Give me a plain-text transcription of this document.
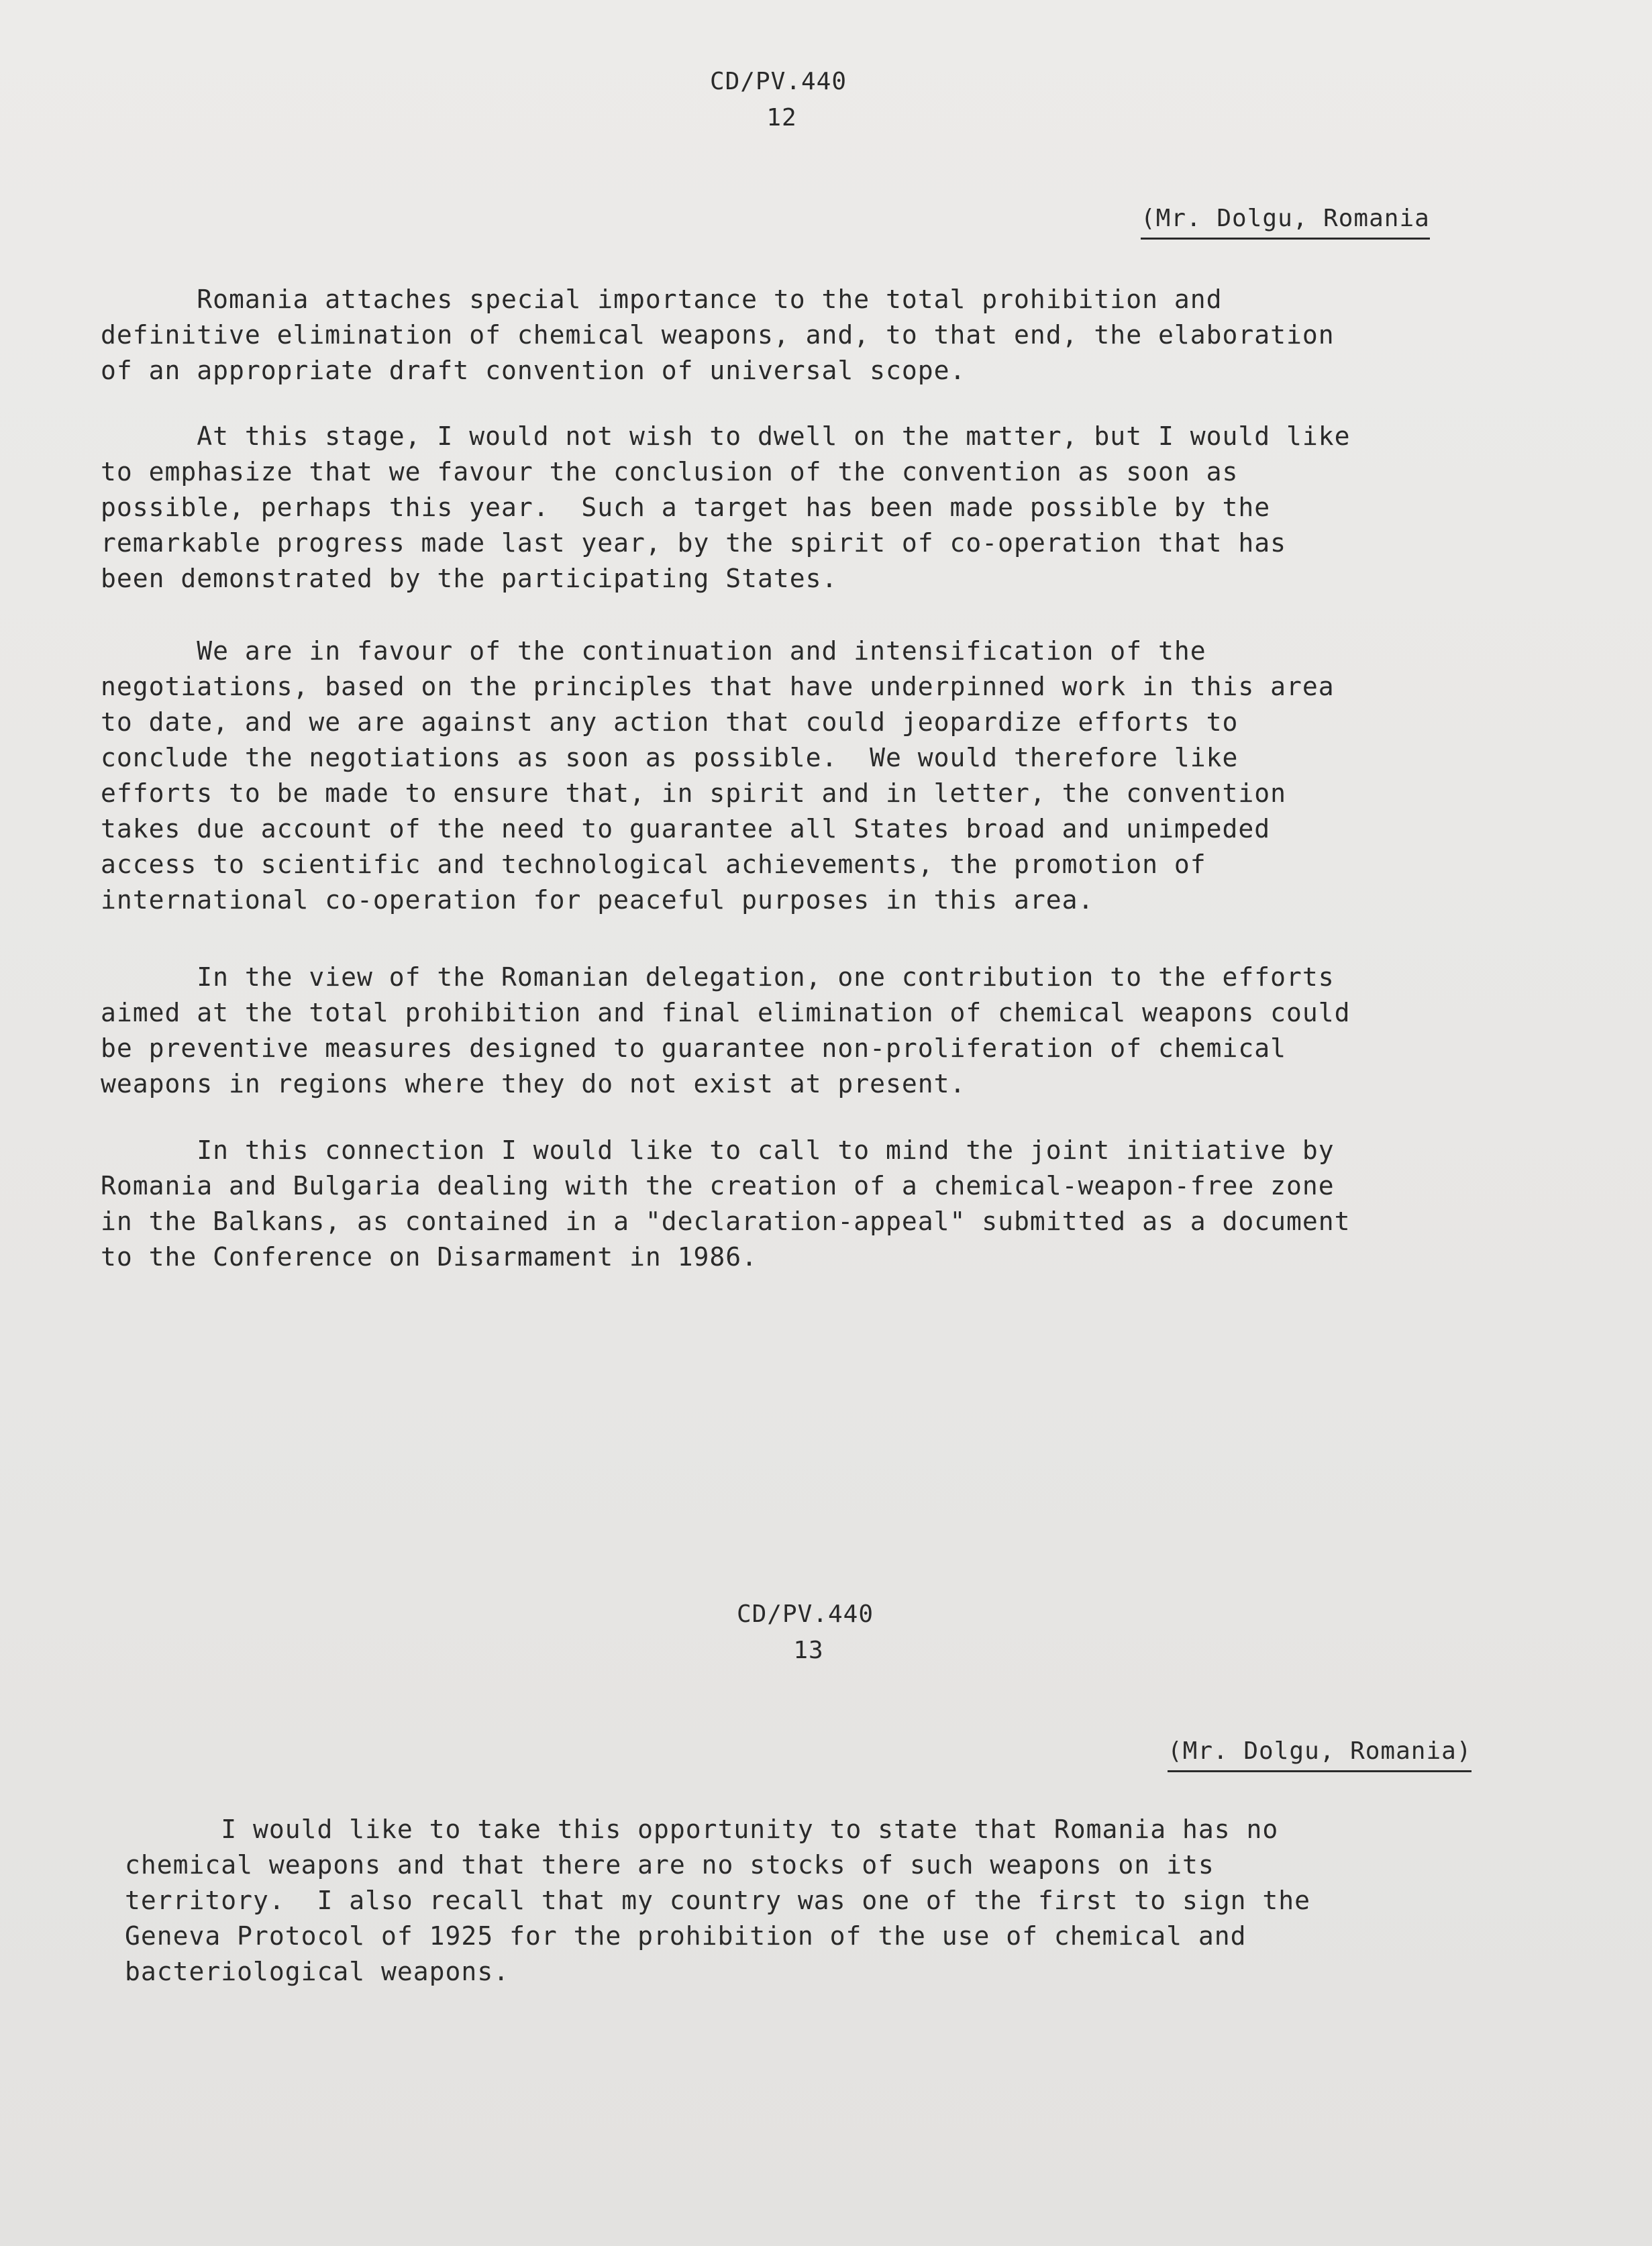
CD/PV.440
12
(Mr. Dolgu, Romania
Romania attaches special importance to the total prohibition and
definitive elimination of chemical weapons, and, to that end, the elaboration
of an appropriate draft convention of universal scope.
At this stage, I would not wish to dwell on the matter, but I would like
to emphasize that we favour the conclusion of the convention as soon as
possible, perhaps this year.  Such a target has been made possible by the
remarkable progress made last year, by the spirit of co-operation that has
been demonstrated by the participating States.
We are in favour of the continuation and intensification of the
negotiations, based on the principles that have underpinned work in this area
to date, and we are against any action that could jeopardize efforts to
conclude the negotiations as soon as possible.  We would therefore like
efforts to be made to ensure that, in spirit and in letter, the convention
takes due account of the need to guarantee all States broad and unimpeded
access to scientific and technological achievements, the promotion of
international co-operation for peaceful purposes in this area.
In the view of the Romanian delegation, one contribution to the efforts
aimed at the total prohibition and final elimination of chemical weapons could
be preventive measures designed to guarantee non-proliferation of chemical
weapons in regions where they do not exist at present.
In this connection I would like to call to mind the joint initiative by
Romania and Bulgaria dealing with the creation of a chemical-weapon-free zone
in the Balkans, as contained in a "declaration-appeal" submitted as a document
to the Conference on Disarmament in 1986.
CD/PV.440
13
(Mr. Dolgu, Romania)
I would like to take this opportunity to state that Romania has no
chemical weapons and that there are no stocks of such weapons on its
territory.  I also recall that my country was one of the first to sign the
Geneva Protocol of 1925 for the prohibition of the use of chemical and
bacteriological weapons.
